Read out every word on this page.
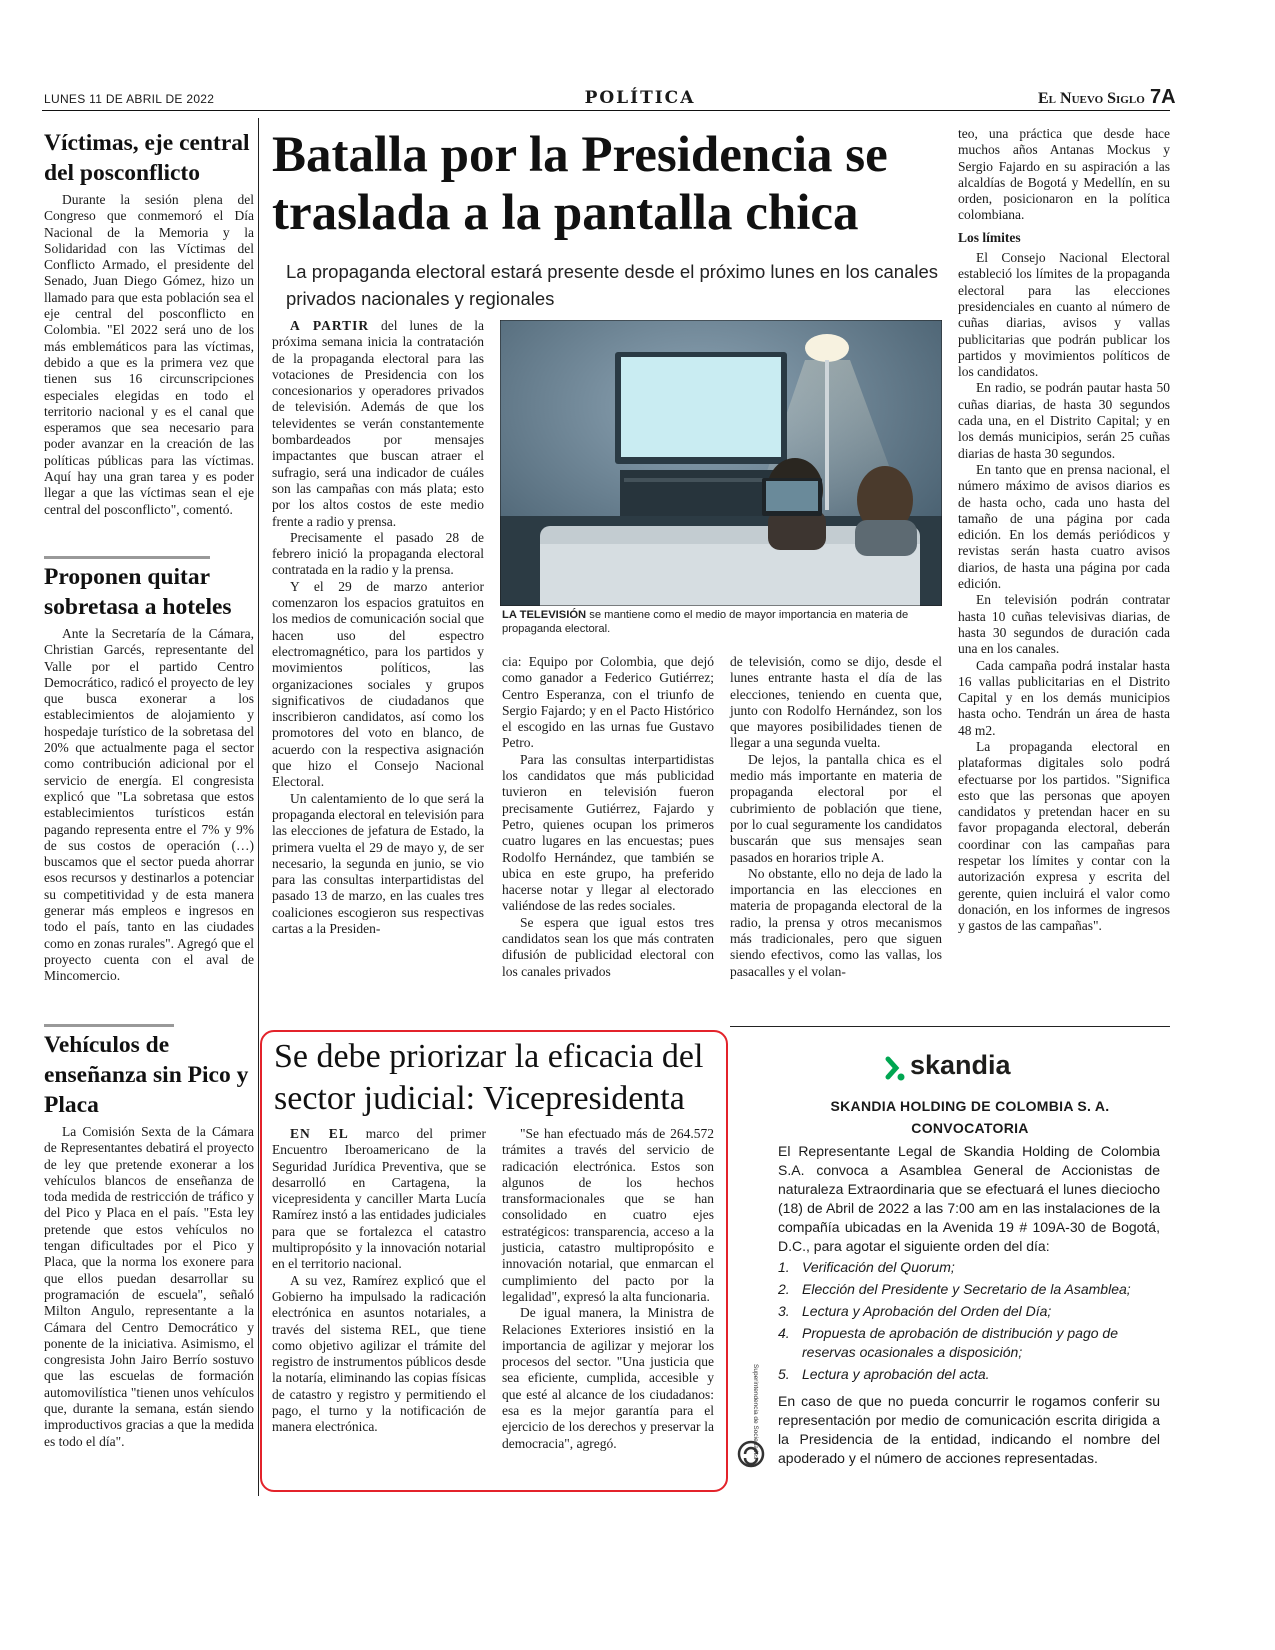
LUNES 11 DE ABRIL DE 2022	POLÍTICA	El Nuevo Siglo 7A
Víctimas, eje central del posconflicto

Durante la sesión plena del Congreso que conmemoró el Día Nacional de la Memoria y la Solidaridad con las Víctimas del Conflicto Armado, el presidente del Senado, Juan Diego Gómez, hizo un llamado para que esta población sea el eje central del posconflicto en Colombia. "El 2022 será uno de los más emblemáticos para las víctimas, debido a que es la primera vez que tienen sus 16 circunscripciones especiales elegidas en todo el territorio nacional y es el canal que esperamos que sea necesario para poder avanzar en la creación de las políticas públicas para las víctimas. Aquí hay una gran tarea y es poder llegar a que las víctimas sean el eje central del posconflicto", comentó.

Proponen quitar sobretasa a hoteles

Ante la Secretaría de la Cámara, Christian Garcés, representante del Valle por el partido Centro Democrático, radicó el proyecto de ley que busca exonerar a los establecimientos de alojamiento y hospedaje turístico de la sobretasa del 20% que actualmente paga el sector como contribución adicional por el servicio de energía. El congresista explicó que "La sobretasa que estos establecimientos turísticos están pagando representa entre el 7% y 9% de sus costos de operación (…) buscamos que el sector pueda ahorrar esos recursos y destinarlos a potenciar su competitividad y de esta manera generar más empleos e ingresos en todo el país, tanto en las ciudades como en zonas rurales". Agregó que el proyecto cuenta con el aval de Mincomercio.

Vehículos de enseñanza sin Pico y Placa

La Comisión Sexta de la Cámara de Representantes debatirá el proyecto de ley que pretende exonerar a los vehículos blancos de enseñanza de toda medida de restricción de tráfico y del Pico y Placa en el país. "Esta ley pretende que estos vehículos no tengan dificultades por el Pico y Placa, que la norma los exonere para que ellos puedan desarrollar su programación de escuela", señaló Milton Angulo, representante a la Cámara del Centro Democrático y ponente de la iniciativa. Asimismo, el congresista John Jairo Berrío sostuvo que las escuelas de formación automovilística "tienen unos vehículos que, durante la semana, están siendo improductivos gracias a que la medida es todo el día".

Batalla por la Presidencia se traslada a la pantalla chica
La propaganda electoral estará presente desde el próximo lunes en los canales privados nacionales y regionales

A PARTIR del lunes de la próxima semana inicia la contratación de la propaganda electoral para las votaciones de Presidencia con los concesionarios y operadores privados de televisión. Además de que los televidentes se verán constantemente bombardeados por mensajes impactantes que buscan atraer el sufragio, será una indicador de cuáles son las campañas con más plata; esto por los altos costos de este medio frente a radio y prensa.

Precisamente el pasado 28 de febrero inició la propaganda electoral contratada en la radio y la prensa.

Y el 29 de marzo anterior comenzaron los espacios gratuitos en los medios de comunicación social que hacen uso del espectro electromagnético, para los partidos y movimientos políticos, las organizaciones sociales y grupos significativos de ciudadanos que inscribieron candidatos, así como los promotores del voto en blanco, de acuerdo con la respectiva asignación que hizo el Consejo Nacional Electoral.

Un calentamiento de lo que será la propaganda electoral en televisión para las elecciones de jefatura de Estado, la primera vuelta el 29 de mayo y, de ser necesario, la segunda en junio, se vio para las consultas interpartidistas del pasado 13 de marzo, en las cuales tres coaliciones escogieron sus respectivas cartas a la Presiden-

LA TELEVISIÓN se mantiene como el medio de mayor importancia en materia de propaganda electoral.

cia: Equipo por Colombia, que dejó como ganador a Federico Gutiérrez; Centro Esperanza, con el triunfo de Sergio Fajardo; y en el Pacto Histórico el escogido en las urnas fue Gustavo Petro.

Para las consultas interpartidistas los candidatos que más publicidad tuvieron en televisión fueron precisamente Gutiérrez, Fajardo y Petro, quienes ocupan los primeros cuatro lugares en las encuestas; pues Rodolfo Hernández, que también se ubica en este grupo, ha preferido hacerse notar y llegar al electorado valiéndose de las redes sociales.

Se espera que igual estos tres candidatos sean los que más contraten difusión de publicidad electoral con los canales privados

de televisión, como se dijo, desde el lunes entrante hasta el día de las elecciones, teniendo en cuenta que, junto con Rodolfo Hernández, son los que mayores posibilidades tienen de llegar a una segunda vuelta.

De lejos, la pantalla chica es el medio más importante en materia de propaganda electoral por el cubrimiento de población que tiene, por lo cual seguramente los candidatos buscarán que sus mensajes sean pasados en horarios triple A.

No obstante, ello no deja de lado la importancia en las elecciones en materia de propaganda electoral de la radio, la prensa y otros mecanismos más tradicionales, pero que siguen siendo efectivos, como las vallas, los pasacalles y el volan-

teo, una práctica que desde hace muchos años Antanas Mockus y Sergio Fajardo en su aspiración a las alcaldías de Bogotá y Medellín, en su orden, posicionaron en la política colombiana.

Los límites

El Consejo Nacional Electoral estableció los límites de la propaganda electoral para las elecciones presidenciales en cuanto al número de cuñas diarias, avisos y vallas publicitarias que podrán publicar los partidos y movimientos políticos de los candidatos.

En radio, se podrán pautar hasta 50 cuñas diarias, de hasta 30 segundos cada una, en el Distrito Capital; y en los demás municipios, serán 25 cuñas diarias de hasta 30 segundos.

En tanto que en prensa nacional, el número máximo de avisos diarios es de hasta ocho, cada uno hasta del tamaño de una página por cada edición. En los demás periódicos y revistas serán hasta cuatro avisos diarios, de hasta una página por cada edición.

En televisión podrán contratar hasta 10 cuñas televisivas diarias, de hasta 30 segundos de duración cada una en los canales.

Cada campaña podrá instalar hasta 16 vallas publicitarias en el Distrito Capital y en los demás municipios hasta ocho. Tendrán un área de hasta 48 m2.

La propaganda electoral en plataformas digitales solo podrá efectuarse por los partidos. "Significa esto que las personas que apoyen candidatos y pretendan hacer en su favor propaganda electoral, deberán coordinar con las campañas para respetar los límites y contar con la autorización expresa y escrita del gerente, quien incluirá el valor como donación, en los informes de ingresos y gastos de las campañas".

Se debe priorizar la eficacia del sector judicial: Vicepresidenta

EN EL marco del primer Encuentro Iberoamericano de la Seguridad Jurídica Preventiva, que se desarrolló en Cartagena, la vicepresidenta y canciller Marta Lucía Ramírez instó a las entidades judiciales para que se fortalezca el catastro multipropósito y la innovación notarial en el territorio nacional.

A su vez, Ramírez explicó que el Gobierno ha impulsado la radicación electrónica en asuntos notariales, a través del sistema REL, que tiene como objetivo agilizar el trámite del registro de instrumentos públicos desde la notaría, eliminando las copias físicas de catastro y registro y permitiendo el pago, el turno y la notificación de manera electrónica.

"Se han efectuado más de 264.572 trámites a través del servicio de radicación electrónica. Estos son algunos de los hechos transformacionales que se han consolidado en cuatro ejes estratégicos: transparencia, acceso a la justicia, catastro multipropósito e innovación notarial, que enmarcan el cumplimiento del pacto por la legalidad", expresó la alta funcionaria.

De igual manera, la Ministra de Relaciones Exteriores insistió en la importancia de agilizar y mejorar los procesos del sector. "Una justicia que sea eficiente, cumplida, accesible y que esté al alcance de los ciudadanos: esa es la mejor garantía para el ejercicio de los derechos y preservar la democracia", agregó.

skandia
SKANDIA HOLDING DE COLOMBIA S. A.
CONVOCATORIA
El Representante Legal de Skandia Holding de Colombia S.A. convoca a Asamblea General de Accionistas de naturaleza Extraordinaria que se efectuará el lunes dieciocho (18) de Abril de 2022 a las 7:00 am en las instalaciones de la compañía ubicadas en la Avenida 19 # 109A-30 de Bogotá, D.C., para agotar el siguiente orden del día:
1. Verificación del Quorum;
2. Elección del Presidente y Secretario de la Asamblea;
3. Lectura y Aprobación del Orden del Día;
4. Propuesta de aprobación de distribución y pago de reservas ocasionales a disposición;
5. Lectura y aprobación del acta.
En caso de que no pueda concurrir le rogamos conferir su representación por medio de comunicación escrita dirigida a la Presidencia de la entidad, indicando el nombre del apoderado y el número de acciones representadas.
Superintendencia de Sociedades
